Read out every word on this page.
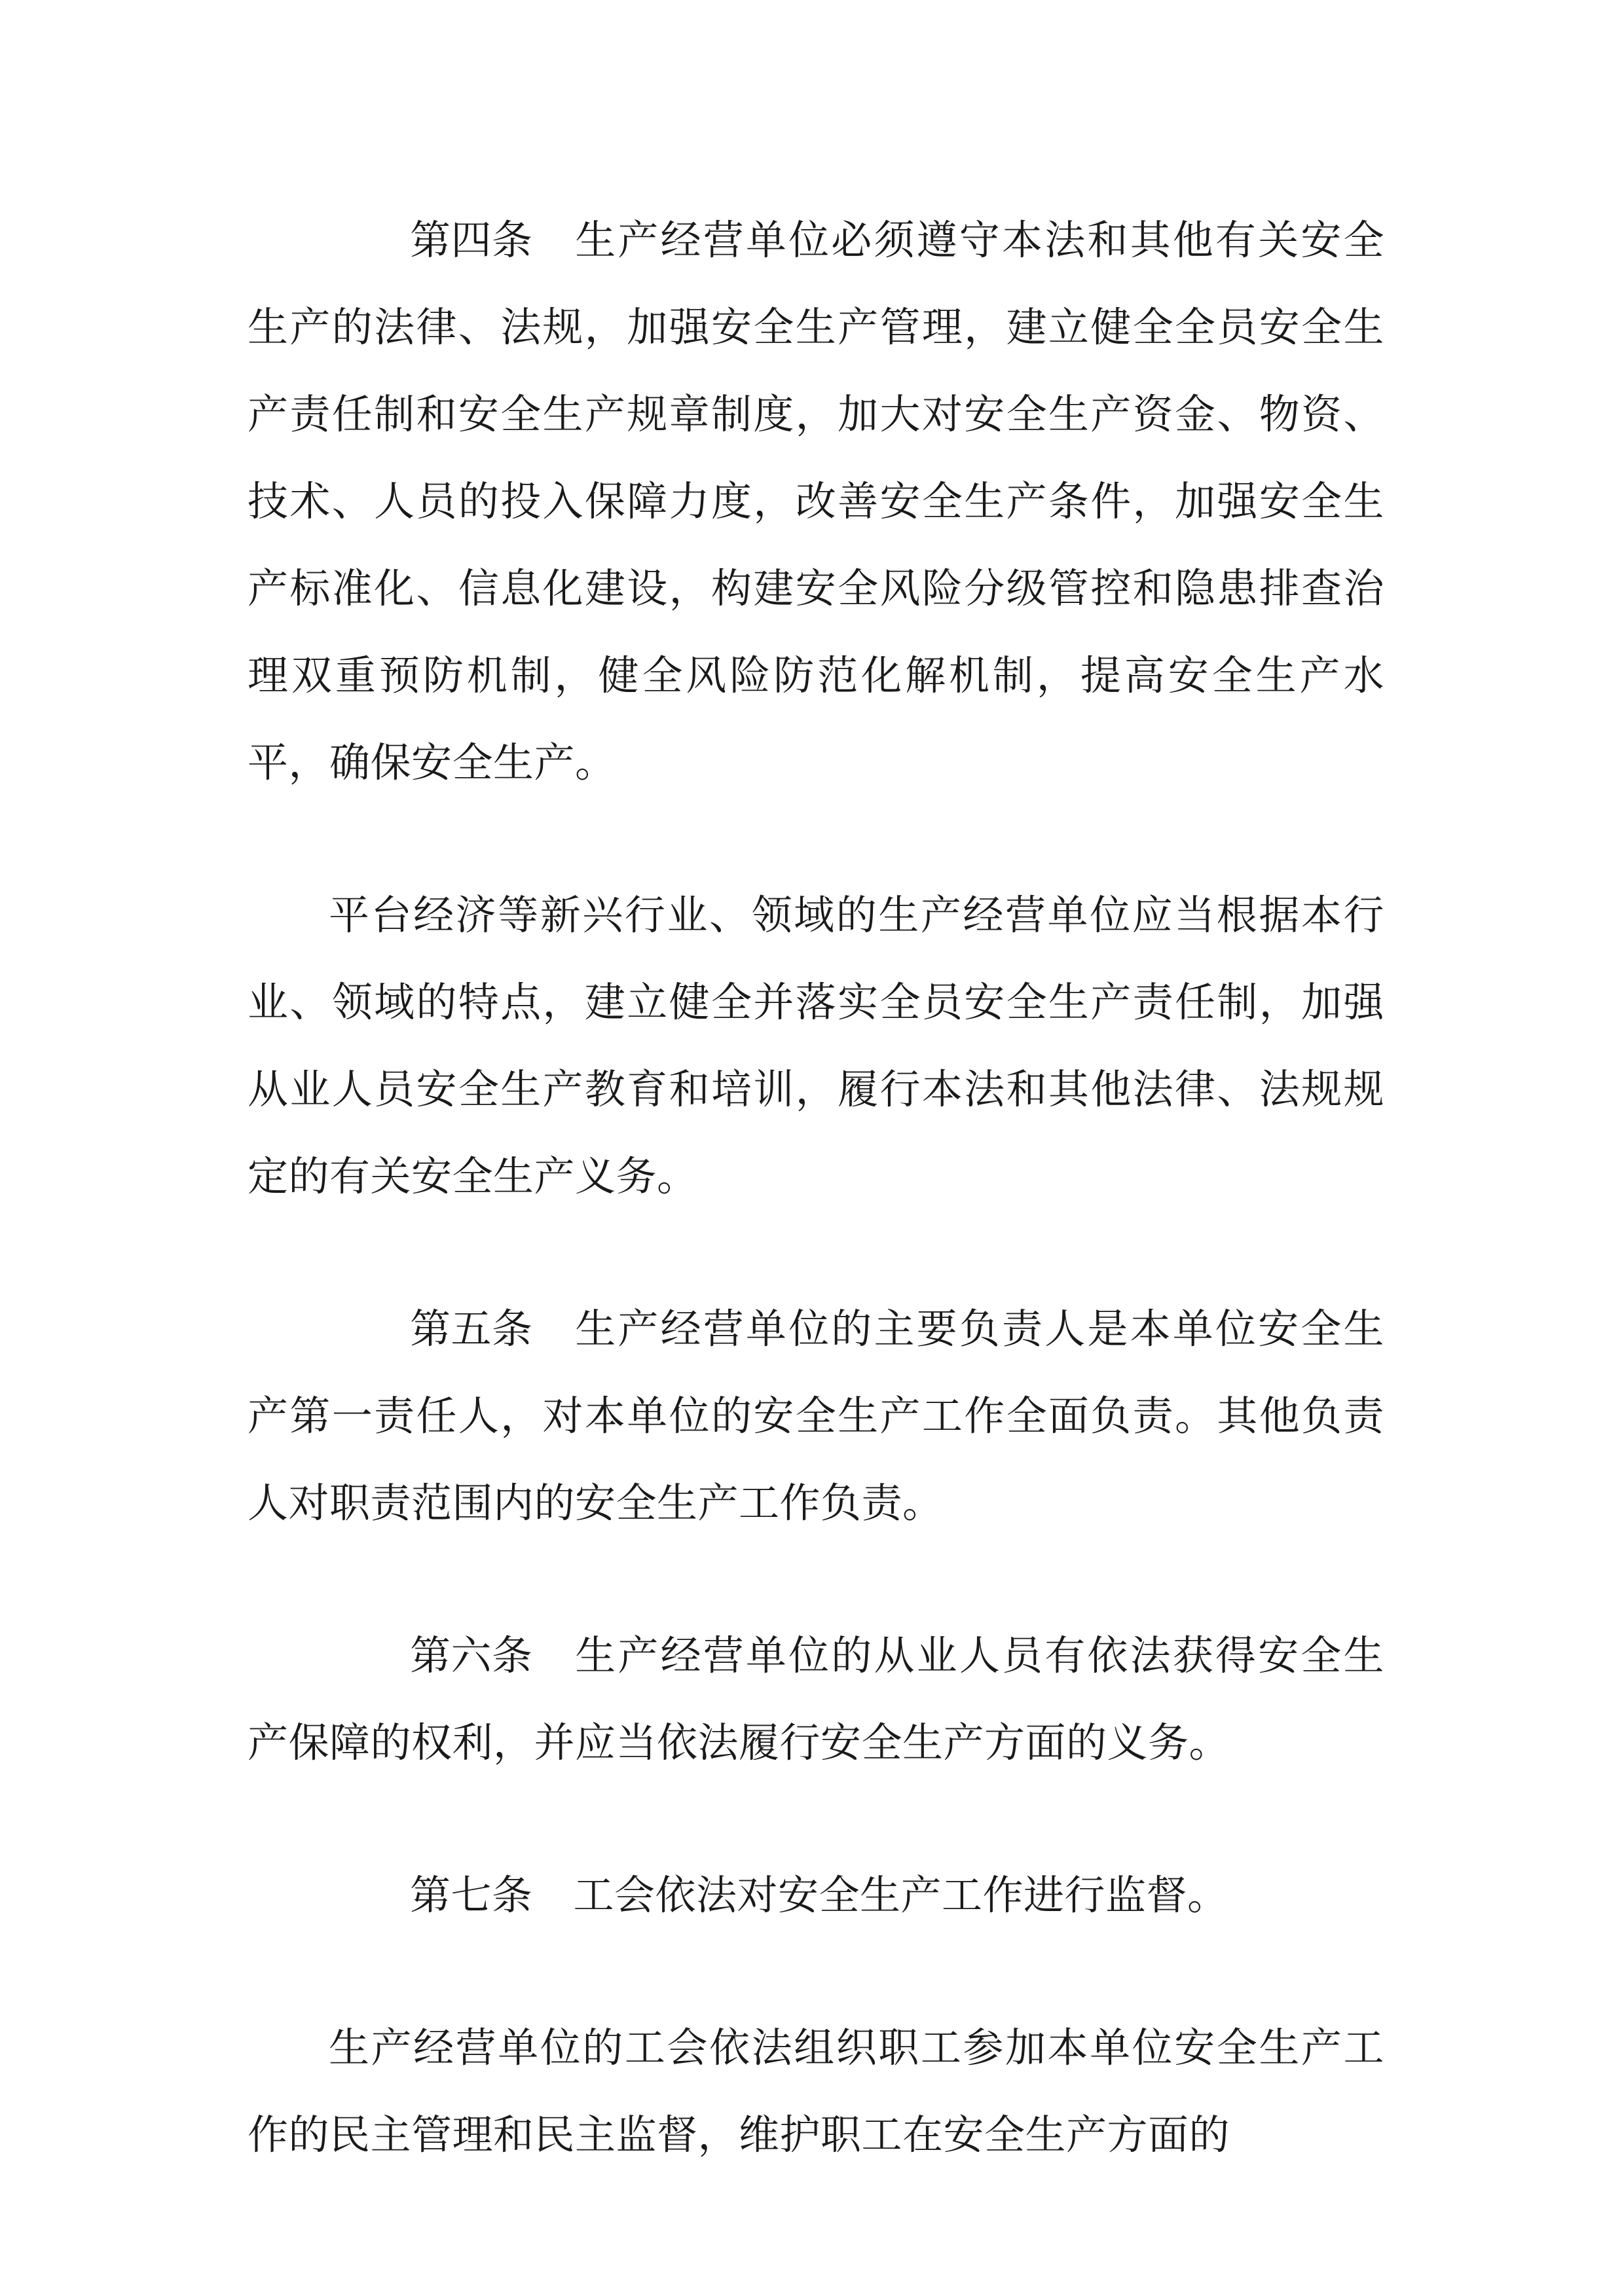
第四条 生产经营单位必须遵守本法和其他有关安全生产的法律、法规，加强安全生产管理，建立健全全员安全生产责任制和安全生产规章制度，加大对安全生产资金、物资、技术、人员的投入保障力度，改善安全生产条件，加强安全生产标准化、信息化建设，构建安全风险分级管控和隐患排查治理双重预防机制，健全风险防范化解机制，提高安全生产水平，确保安全生产。

平台经济等新兴行业、领域的生产经营单位应当根据本行业、领域的特点，建立健全并落实全员安全生产责任制，加强从业人员安全生产教育和培训，履行本法和其他法律、法规规定的有关安全生产义务。

第五条 生产经营单位的主要负责人是本单位安全生产第一责任人，对本单位的安全生产工作全面负责。其他负责人对职责范围内的安全生产工作负责。

第六条 生产经营单位的从业人员有依法获得安全生产保障的权利，并应当依法履行安全生产方面的义务。

第七条 工会依法对安全生产工作进行监督。

生产经营单位的工会依法组织职工参加本单位安全生产工作的民主管理和民主监督，维护职工在安全生产方面的
